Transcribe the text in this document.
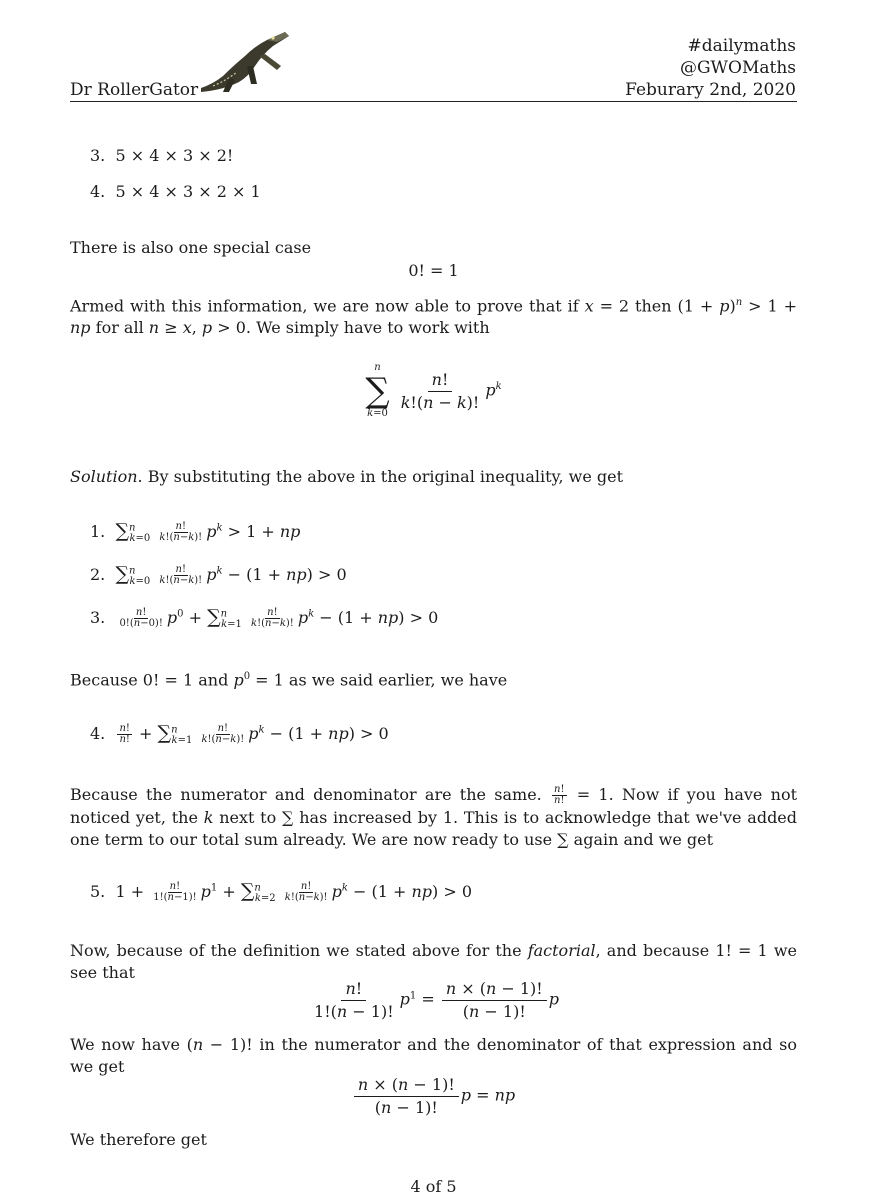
Dr RollerGator
#dailymaths
@GWOMaths
Feburary 2nd, 2020
3.  5 × 4 × 3 × 2!
4.  5 × 4 × 3 × 2 × 1
There is also one special case
0! = 1
Armed with this information, we are now able to prove that if x = 2 then $(1 + p)^n > 1$ + np for all n ≥ x, p > 0. We simply have to work with
n
∑
k=0

$\frac{n!}{k!(n - k)!} p^k$
Solution. By substituting the above in the original inequality, we get
1. $\sum^n_{k=0} \frac{n!}{k!(n-k)!} p^k > 1$ + np
2. $\sum^n_{k=0} \frac{n!}{k!(n-k)!} p^k - (1 + np) > 0$
3. $\frac{n!}{0!(n-0)!} p^0 + \sum^n_{k=1} \frac{n!}{k!(n-k)!} p^k - (1 + np) > 0$
Because 0! = 1 and $p^0 = 1$ as we said earlier, we have
4. $\frac{n!}{n!} + \sum^n_{k=1} \frac{n!}{k!(n-k)!} p^k - (1 + np) > 0$
Because the numerator and denominator are the same. $\frac{n!}{n!} = 1$. Now if you have not noticed yet, the k next to ∑ has increased by 1. This is to acknowledge that we've added one term to our total sum already. We are now ready to use ∑ again and we get
5.  $1 + \frac{n!}{1!(n-1)!} p^1 + \sum^n_{k=2} \frac{n!}{k!(n-k)!} p^k - (1 + np) > 0$
Now, because of the definition we stated above for the factorial, and because 1! = 1 we see that
$\frac{n!}{1!(n - 1)!} p^1 = \frac{n \times (n - 1)!}{(n - 1)!}$ p
We now have (n − 1)! in the numerator and the denominator of that expression and so we get
$\frac{n \times (n - 1)!}{(n - 1)!}$ p = np
We therefore get
4 of 5
